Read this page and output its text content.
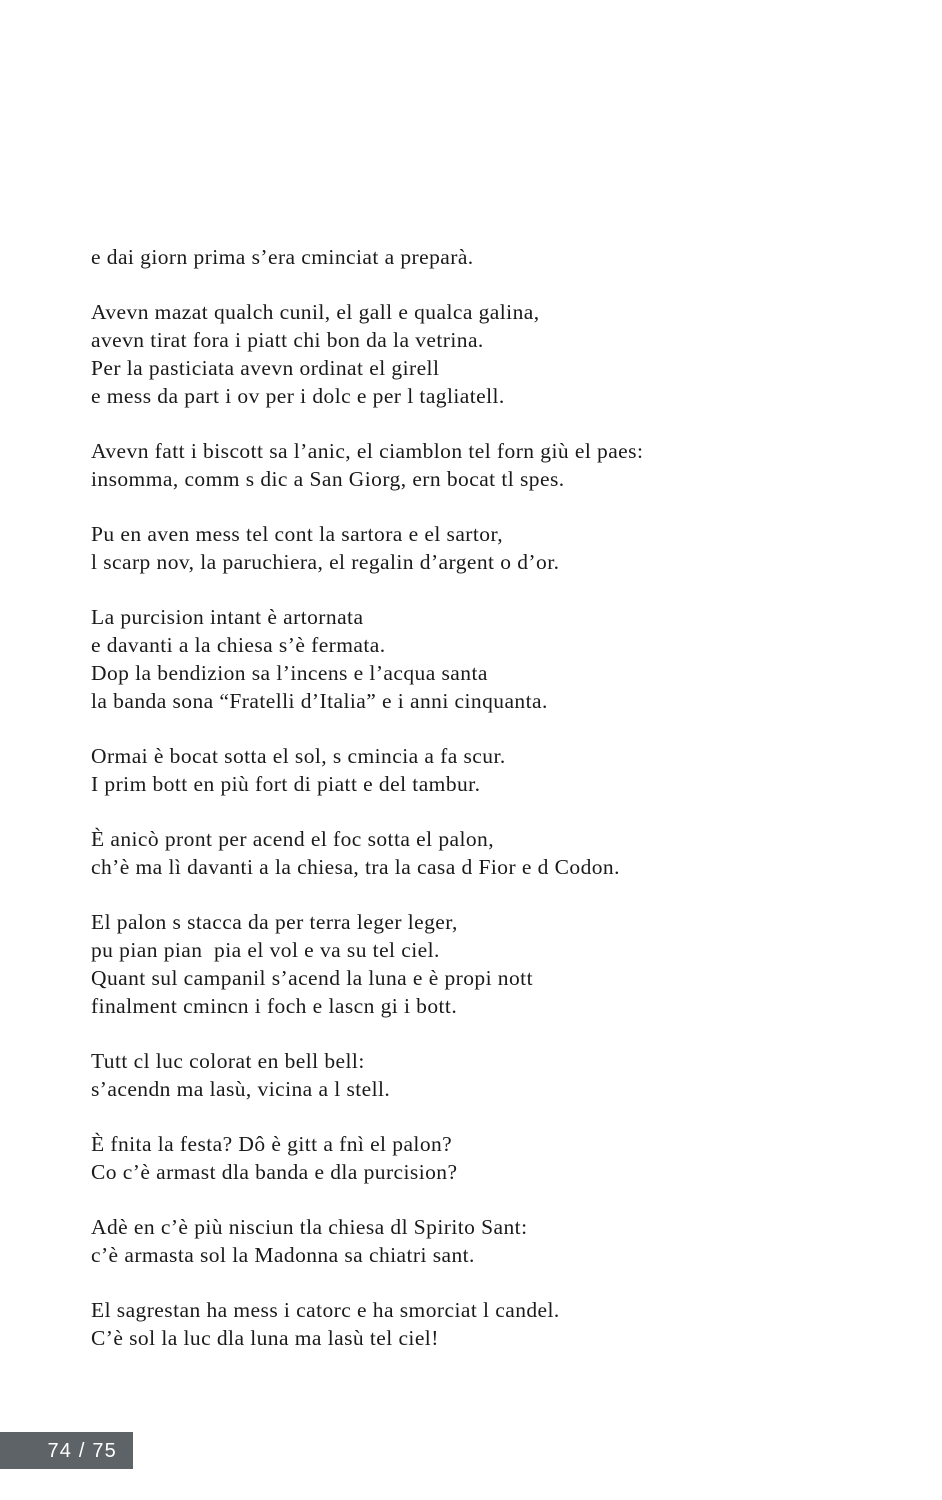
e dai giorn prima s’era cminciat a preparà.

Avevn mazat qualch cunil, el gall e qualca galina,
avevn tirat fora i piatt chi bon da la vetrina.
Per la pasticiata avevn ordinat el girell
e mess da part i ov per i dolc e per l tagliatell.

Avevn fatt i biscott sa l’anic, el ciamblon tel forn giù el paes:
insomma, comm s dic a San Giorg, ern bocat tl spes.

Pu en aven mess tel cont la sartora e el sartor,
l scarp nov, la paruchiera, el regalin d’argent o d’or.

La purcision intant è artornata
e davanti a la chiesa s’è fermata.
Dop la bendizion sa l’incens e l’acqua santa
la banda sona “Fratelli d’Italia” e i anni cinquanta.

Ormai è bocat sotta el sol, s cmincia a fa scur.
I prim bott en più fort di piatt e del tambur.

È anicò pront per acend el foc sotta el palon,
ch’è ma lì davanti a la chiesa, tra la casa d Fior e d Codon.

El palon s stacca da per terra leger leger,
pu pian pian  pia el vol e va su tel ciel.
Quant sul campanil s’acend la luna e è propi nott
finalment cmincn i foch e lascn gi i bott.

Tutt cl luc colorat en bell bell:
s’acendn ma lasù, vicina a l stell.

È fnita la festa? Dô è gitt a fnì el palon?
Co c’è armast dla banda e dla purcision?

Adè en c’è più nisciun tla chiesa dl Spirito Sant:
c’è armasta sol la Madonna sa chiatri sant.

El sagrestan ha mess i catorc e ha smorciat l candel.
C’è sol la luc dla luna ma lasù tel ciel!

74 / 75
